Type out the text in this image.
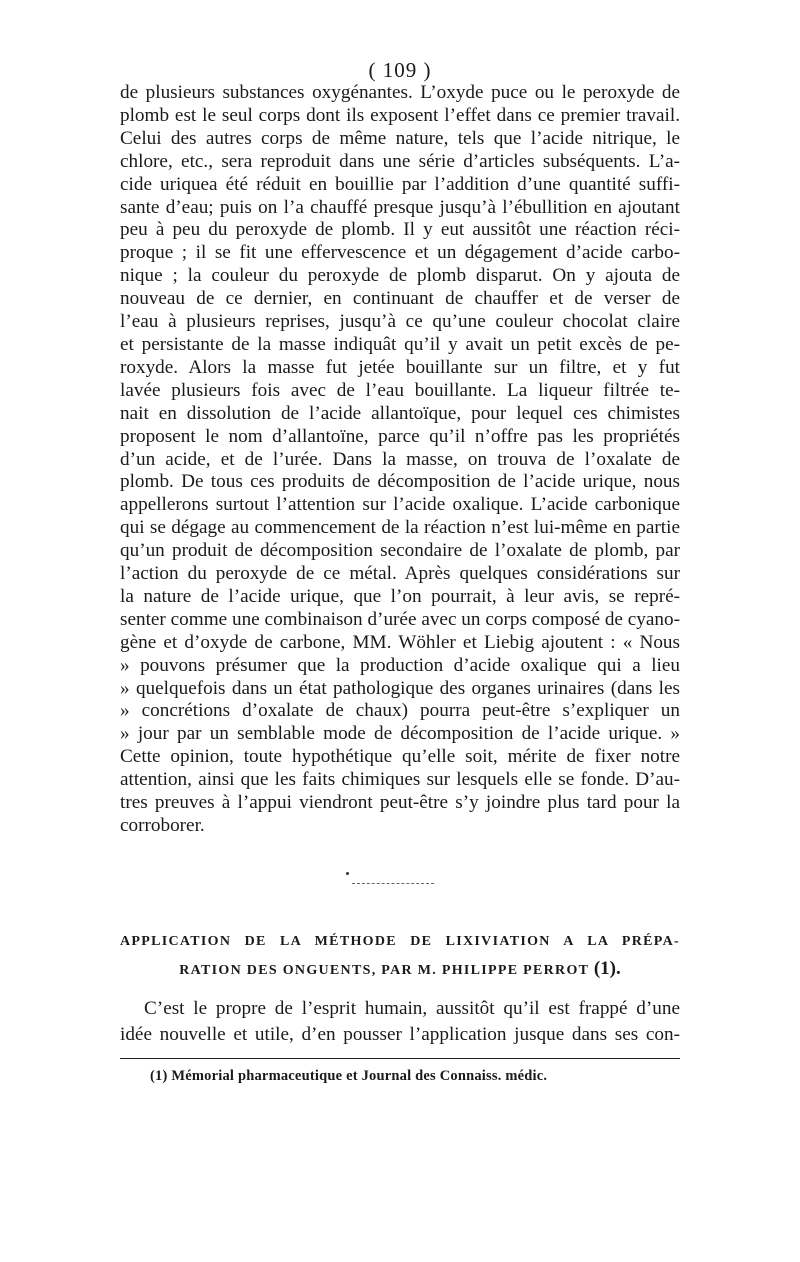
( 109 )
de plusieurs substances oxygénantes. L’oxyde puce ou le peroxyde de
plomb est le seul corps dont ils exposent l’effet dans ce premier travail.
Celui des autres corps de même nature, tels que l’acide nitrique, le
chlore, etc., sera reproduit dans une série d’articles subséquents. L’a-
cide uriquea été réduit en bouillie par l’addition d’une quantité suffi-
sante d’eau; puis on l’a chauffé presque jusqu’à l’ébullition en ajoutant
peu à peu du peroxyde de plomb. Il y eut aussitôt une réaction réci-
proque ; il se fit une effervescence et un dégagement d’acide carbo-
nique ; la couleur du peroxyde de plomb disparut. On y ajouta de
nouveau de ce dernier, en continuant de chauffer et de verser de
l’eau à plusieurs reprises, jusqu’à ce qu’une couleur chocolat claire
et persistante de la masse indiquât qu’il y avait un petit excès de pe-
roxyde. Alors la masse fut jetée bouillante sur un filtre, et y fut
lavée plusieurs fois avec de l’eau bouillante. La liqueur filtrée te-
nait en dissolution de l’acide allantoïque, pour lequel ces chimistes
proposent le nom d’allantoïne, parce qu’il n’offre pas les propriétés
d’un acide, et de l’urée. Dans la masse, on trouva de l’oxalate de
plomb. De tous ces produits de décomposition de l’acide urique, nous
appellerons surtout l’attention sur l’acide oxalique. L’acide carbonique
qui se dégage au commencement de la réaction n’est lui-même en partie
qu’un produit de décomposition secondaire de l’oxalate de plomb, par
l’action du peroxyde de ce métal. Après quelques considérations sur
la nature de l’acide urique, que l’on pourrait, à leur avis, se repré-
senter comme une combinaison d’urée avec un corps composé de cyano-
gène et d’oxyde de carbone, MM. Wöhler et Liebig ajoutent : « Nous
» pouvons présumer que la production d’acide oxalique qui a lieu
» quelquefois dans un état pathologique des organes urinaires (dans les
» concrétions d’oxalate de chaux) pourra peut-être s’expliquer un
» jour par un semblable mode de décomposition de l’acide urique. »
Cette opinion, toute hypothétique qu’elle soit, mérite de fixer notre
attention, ainsi que les faits chimiques sur lesquels elle se fonde. D’au-
tres preuves à l’appui viendront peut-être s’y joindre plus tard pour la
corroborer.
APPLICATION DE LA MÉTHODE DE LIXIVIATION A LA PRÉPA-
RATION DES ONGUENTS, PAR M. PHILIPPE PERROT (1).
C’est le propre de l’esprit humain, aussitôt qu’il est frappé d’une
idée nouvelle et utile, d’en pousser l’application jusque dans ses con-
(1) Mémorial pharmaceutique et Journal des Connaiss. médic.
